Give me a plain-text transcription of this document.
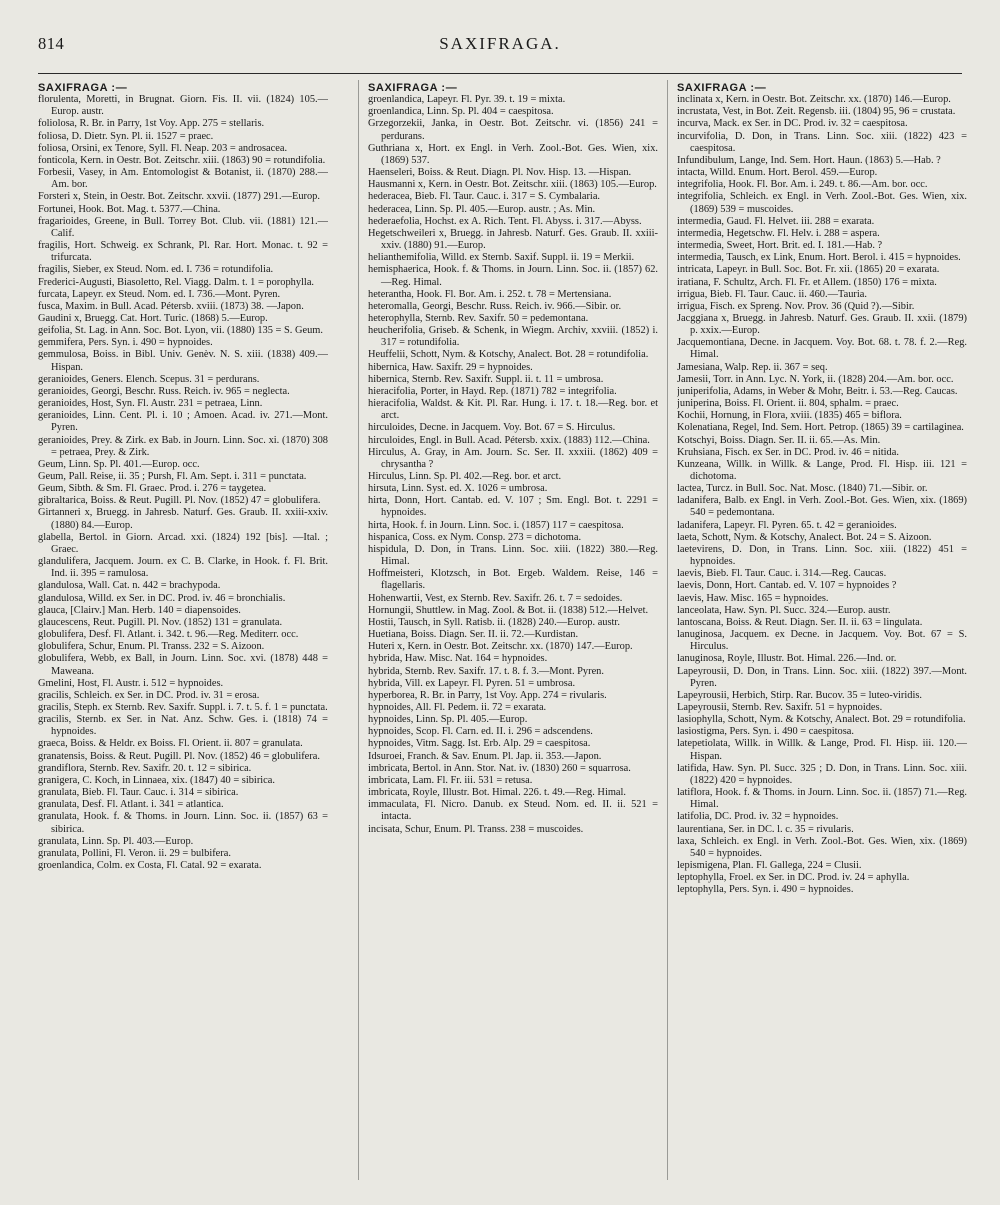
814	SAXIFRAGA.
SAXIFRAGA :—
florulenta, Moretti, in Brugnat. Giorn. Fis. II. vii. (1824) 105.—Europ. austr.
foliolosa, R. Br. in Parry, 1st Voy. App. 275 = stellaris.
foliosa, D. Dietr. Syn. Pl. ii. 1527 = praec.
foliosa, Orsini, ex Tenore, Syll. Fl. Neap. 203 = androsacea.
fonticola, Kern. in Oestr. Bot. Zeitschr. xiii. (1863) 90 = rotundifolia.
Forbesii, Vasey, in Am. Entomologist & Botanist, ii. (1870) 288.—Am. bor.
Forsteri x, Stein, in Oestr. Bot. Zeitschr. xxvii. (1877) 291.—Europ.
Fortunei, Hook. Bot. Mag. t. 5377.—China.
fragarioides, Greene, in Bull. Torrey Bot. Club. vii. (1881) 121.—Calif.
fragilis, Hort. Schweig. ex Schrank, Pl. Rar. Hort. Monac. t. 92 = trifurcata.
fragilis, Sieber, ex Steud. Nom. ed. I. 736 = rotundifolia.
Frederici-Augusti, Biasoletto, Rel. Viagg. Dalm. t. 1 = porophylla.
furcata, Lapeyr. ex Steud. Nom. ed. I. 736.—Mont. Pyren.
fusca, Maxim. in Bull. Acad. Pétersb. xviii. (1873) 38. —Japon.
Gaudini x, Bruegg. Cat. Hort. Turic. (1868) 5.—Europ.
geifolia, St. Lag. in Ann. Soc. Bot. Lyon, vii. (1880) 135 = S. Geum.
gemmifera, Pers. Syn. i. 490 = hypnoides.
gemmulosa, Boiss. in Bibl. Univ. Genèv. N. S. xiii. (1838) 409.—Hispan.
geranioides, Geners. Elench. Scepus. 31 = perdurans.
geranioides, Georgi, Beschr. Russ. Reich. iv. 965 = neglecta.
geranioides, Host, Syn. Fl. Austr. 231 = petraea, Linn.
geranioides, Linn. Cent. Pl. i. 10 ; Amoen. Acad. iv. 271.—Mont. Pyren.
geranioides, Prey. & Zirk. ex Bab. in Journ. Linn. Soc. xi. (1870) 308 = petraea, Prey. & Zirk.
Geum, Linn. Sp. Pl. 401.—Europ. occ.
Geum, Pall. Reise, ii. 35 ; Pursh, Fl. Am. Sept. i. 311 = punctata.
Geum, Sibth. & Sm. Fl. Graec. Prod. i. 276 = taygetea.
gibraltarica, Boiss. & Reut. Pugill. Pl. Nov. (1852) 47 = globulifera.
Girtanneri x, Bruegg. in Jahresb. Naturf. Ges. Graub. II. xxiii-xxiv. (1880) 84.—Europ.
glabella, Bertol. in Giorn. Arcad. xxi. (1824) 192 [bis]. —Ital. ; Graec.
glandulifera, Jacquem. Journ. ex C. B. Clarke, in Hook. f. Fl. Brit. Ind. ii. 395 = ramulosa.
glandulosa, Wall. Cat. n. 442 = brachypoda.
glandulosa, Willd. ex Ser. in DC. Prod. iv. 46 = bronchialis.
glauca, [Clairv.] Man. Herb. 140 = diapensoides.
glaucescens, Reut. Pugill. Pl. Nov. (1852) 131 = granulata.
globulifera, Desf. Fl. Atlant. i. 342. t. 96.—Reg. Mediterr. occ.
globulifera, Schur, Enum. Pl. Transs. 232 = S. Aizoon.
globulifera, Webb, ex Ball, in Journ. Linn. Soc. xvi. (1878) 448 = Maweana.
Gmelini, Host, Fl. Austr. i. 512 = hypnoides.
gracilis, Schleich. ex Ser. in DC. Prod. iv. 31 = erosa.
gracilis, Steph. ex Sternb. Rev. Saxifr. Suppl. i. 7. t. 5. f. 1 = punctata.
gracilis, Sternb. ex Ser. in Nat. Anz. Schw. Ges. i. (1818) 74 = hypnoides.
graeca, Boiss. & Heldr. ex Boiss. Fl. Orient. ii. 807 = granulata.
granatensis, Boiss. & Reut. Pugill. Pl. Nov. (1852) 46 = globulifera.
grandiflora, Sternb. Rev. Saxifr. 20. t. 12 = sibirica.
granigera, C. Koch, in Linnaea, xix. (1847) 40 = sibirica.
granulata, Bieb. Fl. Taur. Cauc. i. 314 = sibirica.
granulata, Desf. Fl. Atlant. i. 341 = atlantica.
granulata, Hook. f. & Thoms. in Journ. Linn. Soc. ii. (1857) 63 = sibirica.
granulata, Linn. Sp. Pl. 403.—Europ.
granulata, Pollini, Fl. Veron. ii. 29 = bulbifera.
groenlandica, Colm. ex Costa, Fl. Catal. 92 = exarata.
SAXIFRAGA :—
groenlandica, Lapeyr. Fl. Pyr. 39. t. 19 = mixta.
groenlandica, Linn. Sp. Pl. 404 = caespitosa.
Grzegorzekii, Janka, in Oestr. Bot. Zeitschr. vi. (1856) 241 = perdurans.
Guthriana x, Hort. ex Engl. in Verh. Zool.-Bot. Ges. Wien, xix. (1869) 537.
Haenseleri, Boiss. & Reut. Diagn. Pl. Nov. Hisp. 13. —Hispan.
Hausmanni x, Kern. in Oestr. Bot. Zeitschr. xiii. (1863) 105.—Europ.
hederacea, Bieb. Fl. Taur. Cauc. i. 317 = S. Cymbalaria.
hederacea, Linn. Sp. Pl. 405.—Europ. austr. ; As. Min.
hederaefolia, Hochst. ex A. Rich. Tent. Fl. Abyss. i. 317.—Abyss.
Hegetschweileri x, Bruegg. in Jahresb. Naturf. Ges. Graub. II. xxiii-xxiv. (1880) 91.—Europ.
helianthemifolia, Willd. ex Sternb. Saxif. Suppl. ii. 19 = Merkii.
hemisphaerica, Hook. f. & Thoms. in Journ. Linn. Soc. ii. (1857) 62.—Reg. Himal.
heterantha, Hook. Fl. Bor. Am. i. 252. t. 78 = Mertensiana.
heteromalla, Georgi, Beschr. Russ. Reich. iv. 966.—Sibir. or.
heterophylla, Sternb. Rev. Saxifr. 50 = pedemontana.
heucherifolia, Griseb. & Schenk, in Wiegm. Archiv, xxviii. (1852) i. 317 = rotundifolia.
Heuffelii, Schott, Nym. & Kotschy, Analect. Bot. 28 = rotundifolia.
hibernica, Haw. Saxifr. 29 = hypnoides.
hibernica, Sternb. Rev. Saxifr. Suppl. ii. t. 11 = umbrosa.
hieracifolia, Porter, in Hayd. Rep. (1871) 782 = integrifolia.
hieracifolia, Waldst. & Kit. Pl. Rar. Hung. i. 17. t. 18.—Reg. bor. et arct.
hirculoides, Decne. in Jacquem. Voy. Bot. 67 = S. Hirculus.
hirculoides, Engl. in Bull. Acad. Pétersb. xxix. (1883) 112.—China.
Hirculus, A. Gray, in Am. Journ. Sc. Ser. II. xxxiii. (1862) 409 = chrysantha ?
Hirculus, Linn. Sp. Pl. 402.—Reg. bor. et arct.
hirsuta, Linn. Syst. ed. X. 1026 = umbrosa.
hirta, Donn, Hort. Cantab. ed. V. 107 ; Sm. Engl. Bot. t. 2291 = hypnoides.
hirta, Hook. f. in Journ. Linn. Soc. i. (1857) 117 = caespitosa.
hispanica, Coss. ex Nym. Consp. 273 = dichotoma.
hispidula, D. Don, in Trans. Linn. Soc. xiii. (1822) 380.—Reg. Himal.
Hoffmeisteri, Klotzsch, in Bot. Ergeb. Waldem. Reise, 146 = flagellaris.
Hohenwartii, Vest, ex Sternb. Rev. Saxifr. 26. t. 7 = sedoides.
Hornungii, Shuttlew. in Mag. Zool. & Bot. ii. (1838) 512.—Helvet.
Hostii, Tausch, in Syll. Ratisb. ii. (1828) 240.—Europ. austr.
Huetiana, Boiss. Diagn. Ser. II. ii. 72.—Kurdistan.
Huteri x, Kern. in Oestr. Bot. Zeitschr. xx. (1870) 147.—Europ.
hybrida, Haw. Misc. Nat. 164 = hypnoides.
hybrida, Sternb. Rev. Saxifr. 17. t. 8. f. 3.—Mont. Pyren.
hybrida, Vill. ex Lapeyr. Fl. Pyren. 51 = umbrosa.
hyperborea, R. Br. in Parry, 1st Voy. App. 274 = rivularis.
hypnoides, All. Fl. Pedem. ii. 72 = exarata.
hypnoides, Linn. Sp. Pl. 405.—Europ.
hypnoides, Scop. Fl. Carn. ed. II. i. 296 = adscendens.
hypnoides, Vitm. Sagg. Ist. Erb. Alp. 29 = caespitosa.
Idsuroei, Franch. & Sav. Enum. Pl. Jap. ii. 353.—Japon.
imbricata, Bertol. in Ann. Stor. Nat. iv. (1830) 260 = squarrosa.
imbricata, Lam. Fl. Fr. iii. 531 = retusa.
imbricata, Royle, Illustr. Bot. Himal. 226. t. 49.—Reg. Himal.
immaculata, Fl. Nicro. Danub. ex Steud. Nom. ed. II. ii. 521 = intacta.
incisata, Schur, Enum. Pl. Transs. 238 = muscoides.
SAXIFRAGA :—
inclinata x, Kern. in Oestr. Bot. Zeitschr. xx. (1870) 146.—Europ.
incrustata, Vest, in Bot. Zeit. Regensb. iii. (1804) 95, 96 = crustata.
incurva, Mack. ex Ser. in DC. Prod. iv. 32 = caespitosa.
incurvifolia, D. Don, in Trans. Linn. Soc. xiii. (1822) 423 = caespitosa.
Infundibulum, Lange, Ind. Sem. Hort. Haun. (1863) 5.—Hab. ?
intacta, Willd. Enum. Hort. Berol. 459.—Europ.
integrifolia, Hook. Fl. Bor. Am. i. 249. t. 86.—Am. bor. occ.
integrifolia, Schleich. ex Engl. in Verh. Zool.-Bot. Ges. Wien, xix. (1869) 539 = muscoides.
intermedia, Gaud. Fl. Helvet. iii. 288 = exarata.
intermedia, Hegetschw. Fl. Helv. i. 288 = aspera.
intermedia, Sweet, Hort. Brit. ed. I. 181.—Hab. ?
intermedia, Tausch, ex Link, Enum. Hort. Berol. i. 415 = hypnoides.
intricata, Lapeyr. in Bull. Soc. Bot. Fr. xii. (1865) 20 = exarata.
iratiana, F. Schultz, Arch. Fl. Fr. et Allem. (1850) 176 = mixta.
irrigua, Bieb. Fl. Taur. Cauc. ii. 460.—Tauria.
irrigua, Fisch. ex Spreng. Nov. Prov. 36 (Quid ?).—Sibir.
Jacggiana x, Bruegg. in Jahresb. Naturf. Ges. Graub. II. xxii. (1879) p. xxix.—Europ.
Jacquemontiana, Decne. in Jacquem. Voy. Bot. 68. t. 78. f. 2.—Reg. Himal.
Jamesiana, Walp. Rep. ii. 367 = seq.
Jamesii, Torr. in Ann. Lyc. N. York, ii. (1828) 204.—Am. bor. occ.
juniperifolia, Adams, in Weber & Mohr, Beitr. i. 53.—Reg. Caucas.
juniperina, Boiss. Fl. Orient. ii. 804, sphalm. = praec.
Kochii, Hornung, in Flora, xviii. (1835) 465 = biflora.
Kolenatiana, Regel, Ind. Sem. Hort. Petrop. (1865) 39 = cartilaginea.
Kotschyi, Boiss. Diagn. Ser. II. ii. 65.—As. Min.
Kruhsiana, Fisch. ex Ser. in DC. Prod. iv. 46 = nitida.
Kunzeana, Willk. in Willk. & Lange, Prod. Fl. Hisp. iii. 121 = dichotoma.
lactea, Turcz. in Bull. Soc. Nat. Mosc. (1840) 71.—Sibir. or.
ladanifera, Balb. ex Engl. in Verh. Zool.-Bot. Ges. Wien, xix. (1869) 540 = pedemontana.
ladanifera, Lapeyr. Fl. Pyren. 65. t. 42 = geranioides.
laeta, Schott, Nym. & Kotschy, Analect. Bot. 24 = S. Aizoon.
laetevirens, D. Don, in Trans. Linn. Soc. xiii. (1822) 451 = hypnoides.
laevis, Bieb. Fl. Taur. Cauc. i. 314.—Reg. Caucas.
laevis, Donn, Hort. Cantab. ed. V. 107 = hypnoides ?
laevis, Haw. Misc. 165 = hypnoides.
lanceolata, Haw. Syn. Pl. Succ. 324.—Europ. austr.
lantoscana, Boiss. & Reut. Diagn. Ser. II. ii. 63 = lingulata.
lanuginosa, Jacquem. ex Decne. in Jacquem. Voy. Bot. 67 = S. Hirculus.
lanuginosa, Royle, Illustr. Bot. Himal. 226.—Ind. or.
Lapeyrousii, D. Don, in Trans. Linn. Soc. xiii. (1822) 397.—Mont. Pyren.
Lapeyrousii, Herbich, Stirp. Rar. Bucov. 35 = luteo-viridis.
Lapeyrousii, Sternb. Rev. Saxifr. 51 = hypnoides.
lasiophylla, Schott, Nym. & Kotschy, Analect. Bot. 29 = rotundifolia.
lasiostigma, Pers. Syn. i. 490 = caespitosa.
latepetiolata, Willk. in Willk. & Lange, Prod. Fl. Hisp. iii. 120.—Hispan.
latifida, Haw. Syn. Pl. Succ. 325 ; D. Don, in Trans. Linn. Soc. xiii. (1822) 420 = hypnoides.
latiflora, Hook. f. & Thoms. in Journ. Linn. Soc. ii. (1857) 71.—Reg. Himal.
latifolia, DC. Prod. iv. 32 = hypnoides.
laurentiana, Ser. in DC. l. c. 35 = rivularis.
laxa, Schleich. ex Engl. in Verh. Zool.-Bot. Ges. Wien, xix. (1869) 540 = hypnoides.
lepismigena, Plan. Fl. Gallega, 224 = Clusii.
leptophylla, Froel. ex Ser. in DC. Prod. iv. 24 = aphylla.
leptophylla, Pers. Syn. i. 490 = hypnoides.
